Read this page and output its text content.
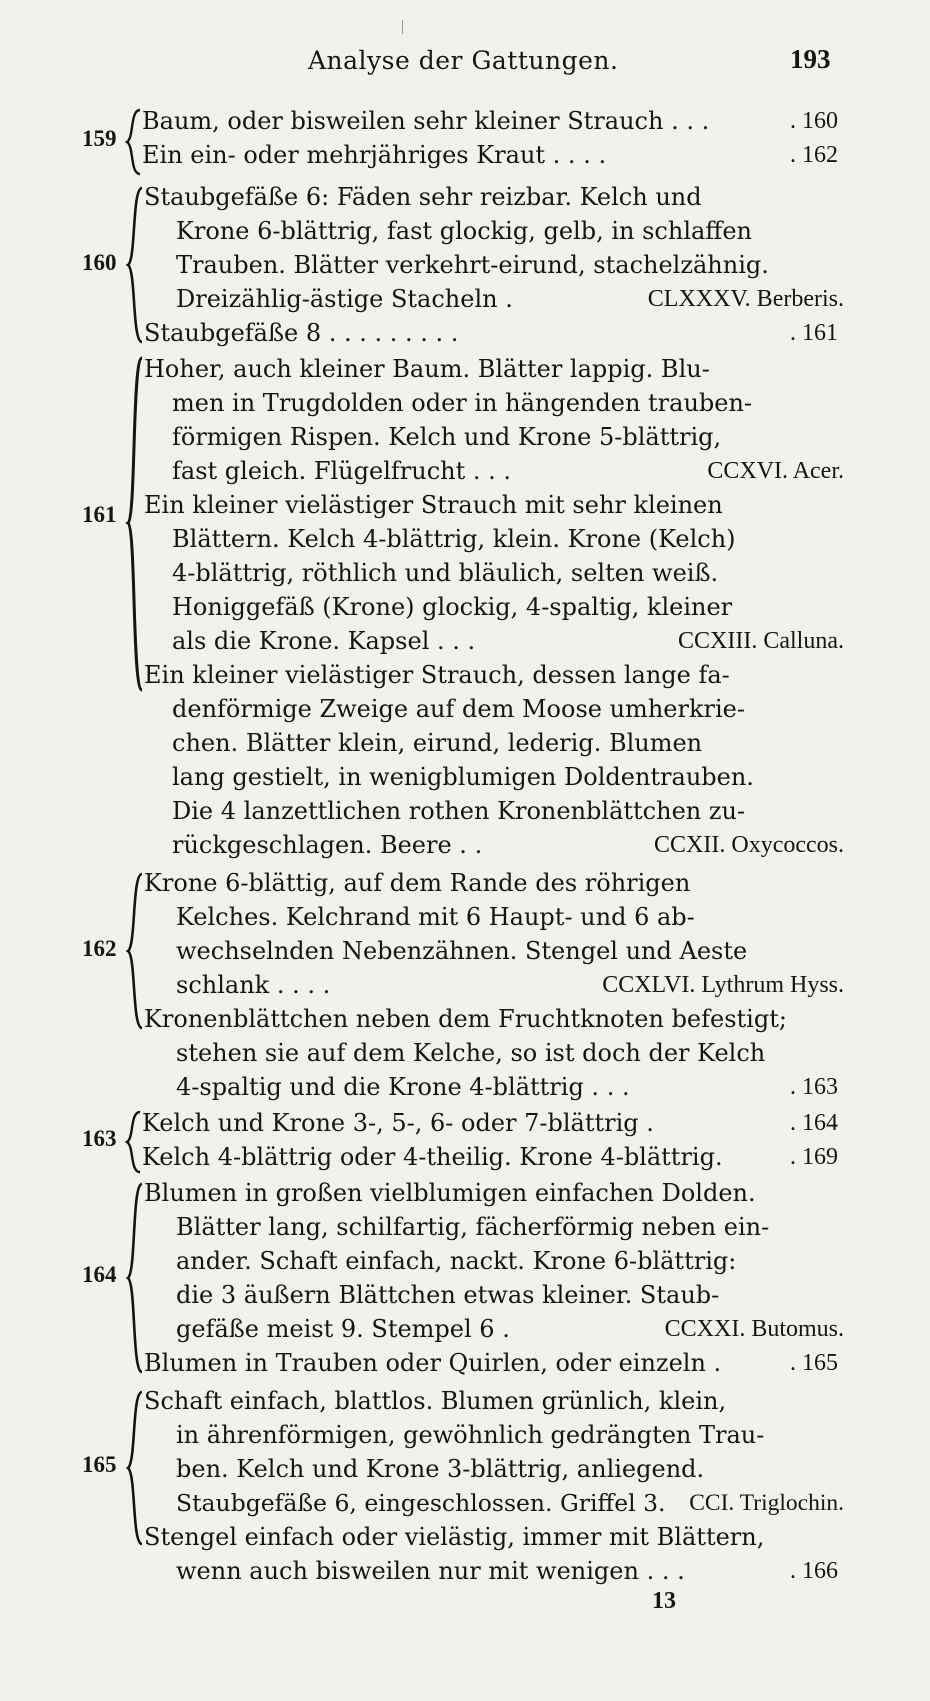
Analyse der Gattungen.	193
159
Baum, oder bisweilen sehr kleiner Strauch . . .	. 160
Ein ein- oder mehrjähriges Kraut . . . .	. 162
160
Staubgefäße 6: Fäden sehr reizbar. Kelch und
Krone 6-blättrig, fast glockig, gelb, in schlaffen
Trauben. Blätter verkehrt-eirund, stachelzähnig.
Dreizählig-ästige Stacheln .	CLXXXV. Berberis.
Staubgefäße 8 . . . . . . . . .	. 161
161
Hoher, auch kleiner Baum. Blätter lappig. Blu-
men in Trugdolden oder in hängenden trauben-
förmigen Rispen. Kelch und Krone 5-blättrig,
fast gleich. Flügelfrucht . . .	CCXVI. Acer.
Ein kleiner vielästiger Strauch mit sehr kleinen
Blättern. Kelch 4-blättrig, klein. Krone (Kelch)
4-blättrig, röthlich und bläulich, selten weiß.
Honiggefäß (Krone) glockig, 4-spaltig, kleiner
als die Krone. Kapsel . . .	CCXIII. Calluna.
Ein kleiner vielästiger Strauch, dessen lange fa-
denförmige Zweige auf dem Moose umherkrie-
chen. Blätter klein, eirund, lederig. Blumen
lang gestielt, in wenigblumigen Doldentrauben.
Die 4 lanzettlichen rothen Kronenblättchen zu-
rückgeschlagen. Beere . .	CCXII. Oxycoccos.
162
Krone 6-blättig, auf dem Rande des röhrigen
Kelches. Kelchrand mit 6 Haupt- und 6 ab-
wechselnden Nebenzähnen. Stengel und Aeste
schlank . . . .	CCXLVI. Lythrum Hyss.
Kronenblättchen neben dem Fruchtknoten befestigt;
stehen sie auf dem Kelche, so ist doch der Kelch
4-spaltig und die Krone 4-blättrig . . .	. 163
163
Kelch und Krone 3-, 5-, 6- oder 7-blättrig .	. 164
Kelch 4-blättrig oder 4-theilig. Krone 4-blättrig.	. 169
164
Blumen in großen vielblumigen einfachen Dolden.
Blätter lang, schilfartig, fächerförmig neben ein-
ander. Schaft einfach, nackt. Krone 6-blättrig:
die 3 äußern Blättchen etwas kleiner. Staub-
gefäße meist 9. Stempel 6 .	CCXXI. Butomus.
Blumen in Trauben oder Quirlen, oder einzeln .	. 165
165
Schaft einfach, blattlos. Blumen grünlich, klein,
in ährenförmigen, gewöhnlich gedrängten Trau-
ben. Kelch und Krone 3-blättrig, anliegend.
Staubgefäße 6, eingeschlossen. Griffel 3. CCI. Triglochin.
Stengel einfach oder vielästig, immer mit Blättern,
wenn auch bisweilen nur mit wenigen . . .	. 166
13
